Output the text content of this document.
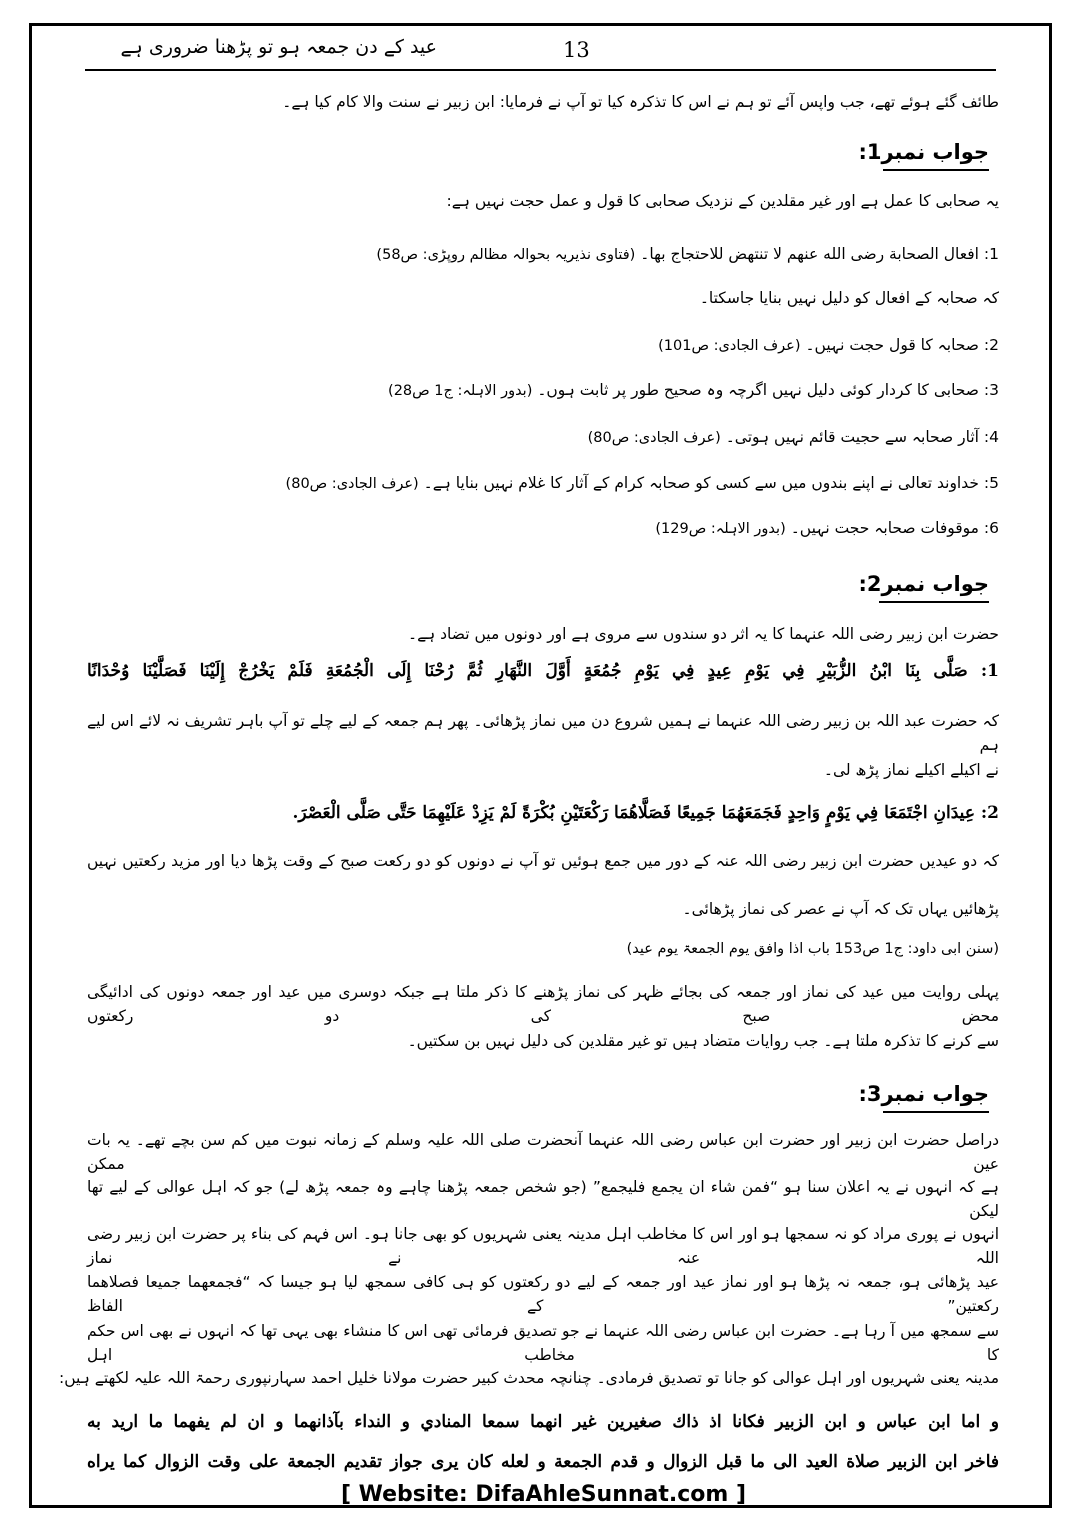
عید کے دن جمعہ ہو تو پڑھنا ضروری ہے	13
طائف گئے ہوئے تھے، جب واپس آئے تو ہم نے اس کا تذکرہ کیا تو آپ نے فرمایا: ابن زبیر نے سنت والا کام کیا ہے۔
جواب نمبر1:
یہ صحابی کا عمل ہے اور غیر مقلدین کے نزدیک صحابی کا قول و عمل حجت نہیں ہے:
1: افعال الصحابة رضی الله عنهم لا تنتهض للاحتجاج بها۔ (فتاوی نذیریہ بحوالہ مظالم روپڑی: ص58)
کہ صحابہ کے افعال کو دلیل نہیں بنایا جاسکتا۔
2: صحابہ کا قول حجت نہیں۔ (عرف الجادی: ص101)
3: صحابی کا کردار کوئی دلیل نہیں اگرچہ وہ صحیح طور پر ثابت ہوں۔ (بدور الاہلہ: ج1 ص28)
4: آثار صحابہ سے حجیت قائم نہیں ہوتی۔ (عرف الجادی: ص80)
5: خداوند تعالی نے اپنے بندوں میں سے کسی کو صحابہ کرام کے آثار کا غلام نہیں بنایا ہے۔ (عرف الجادی: ص80)
6: موقوفات صحابہ حجت نہیں۔ (بدور الاہلہ: ص129)
جواب نمبر2:
حضرت ابن زبیر رضی اللہ عنہما کا یہ اثر دو سندوں سے مروی ہے اور دونوں میں تضاد ہے۔
1: صَلَّى بِنَا ابْنُ الزُّبَيْرِ فِي يَوْمِ عِيدٍ فِي يَوْمِ جُمُعَةٍ أَوَّلَ النَّهَارِ ثُمَّ رُحْنَا إِلَى الْجُمُعَةِ فَلَمْ يَخْرُجْ إِلَيْنَا فَصَلَّيْنَا وُحْدَانًا
کہ حضرت عبد اللہ بن زبیر رضی اللہ عنہما نے ہمیں شروع دن میں نماز پڑھائی۔ پھر ہم جمعہ کے لیے چلے تو آپ باہر تشریف نہ لائے اس لیے ہم
نے اکیلے اکیلے نماز پڑھ لی۔
2: عِيدَانِ اجْتَمَعَا فِي يَوْمٍ وَاحِدٍ فَجَمَعَهُمَا جَمِيعًا فَصَلَّاهُمَا رَكْعَتَيْنِ بُكْرَةً لَمْ يَزِدْ عَلَيْهِمَا حَتَّى صَلَّى الْعَصْرَ.
کہ دو عیدیں حضرت ابن زبیر رضی اللہ عنہ کے دور میں جمع ہوئیں تو آپ نے دونوں کو دو رکعت صبح کے وقت پڑھا دیا اور مزید رکعتیں نہیں
پڑھائیں یہاں تک کہ آپ نے عصر کی نماز پڑھائی۔
(سنن ابی داود: ج1 ص153 باب اذا وافق یوم الجمعۃ یوم عید)
پہلی روایت میں عید کی نماز اور جمعہ کی بجائے ظہر کی نماز پڑھنے کا ذکر ملتا ہے جبکہ دوسری میں عید اور جمعہ دونوں کی ادائیگی محض صبح کی دو رکعتوں
سے کرنے کا تذکرہ ملتا ہے۔ جب روایات متضاد ہیں تو غیر مقلدین کی دلیل نہیں بن سکتیں۔
جواب نمبر3:
دراصل حضرت ابن زبیر اور حضرت ابن عباس رضی اللہ عنہما آنحضرت صلی اللہ علیہ وسلم کے زمانہ نبوت میں کم سن بچے تھے۔ یہ بات عین ممکن
ہے کہ انہوں نے یہ اعلان سنا ہو “فمن شاء ان یجمع فلیجمع” (جو شخص جمعہ پڑھنا چاہے وہ جمعہ پڑھ لے) جو کہ اہل عوالی کے لیے تھا لیکن
انہوں نے پوری مراد کو نہ سمجھا ہو اور اس کا مخاطب اہل مدینہ یعنی شہریوں کو بھی جانا ہو۔ اس فہم کی بناء پر حضرت ابن زبیر رضی اللہ عنہ نے نماز
عید پڑھائی ہو، جمعہ نہ پڑھا ہو اور نماز عید اور جمعہ کے لیے دو رکعتوں کو ہی کافی سمجھ لیا ہو جیسا کہ “فجمعهما جميعا فصلاهما ركعتين” کے الفاظ
سے سمجھ میں آ رہا ہے۔ حضرت ابن عباس رضی اللہ عنہما نے جو تصدیق فرمائی تھی اس کا منشاء بھی یہی تھا کہ انہوں نے بھی اس حکم کا مخاطب اہل
مدینہ یعنی شہریوں اور اہل عوالی کو جانا تو تصدیق فرمادی۔ چنانچہ محدث کبیر حضرت مولانا خلیل احمد سہارنپوری رحمۃ اللہ علیہ لکھتے ہیں:
و اما ابن عباس و ابن الزبير فكانا اذ ذاك صغيرين غير انهما سمعا المنادي و النداء بآذانهما و ان لم يفهما ما اريد به
فاخر ابن الزبير صلاة العيد الى ما قبل الزوال و قدم الجمعة و لعله كان يرى جواز تقديم الجمعة على وقت الزوال كما يراه
[ Website: DifaAhleSunnat.com ]
